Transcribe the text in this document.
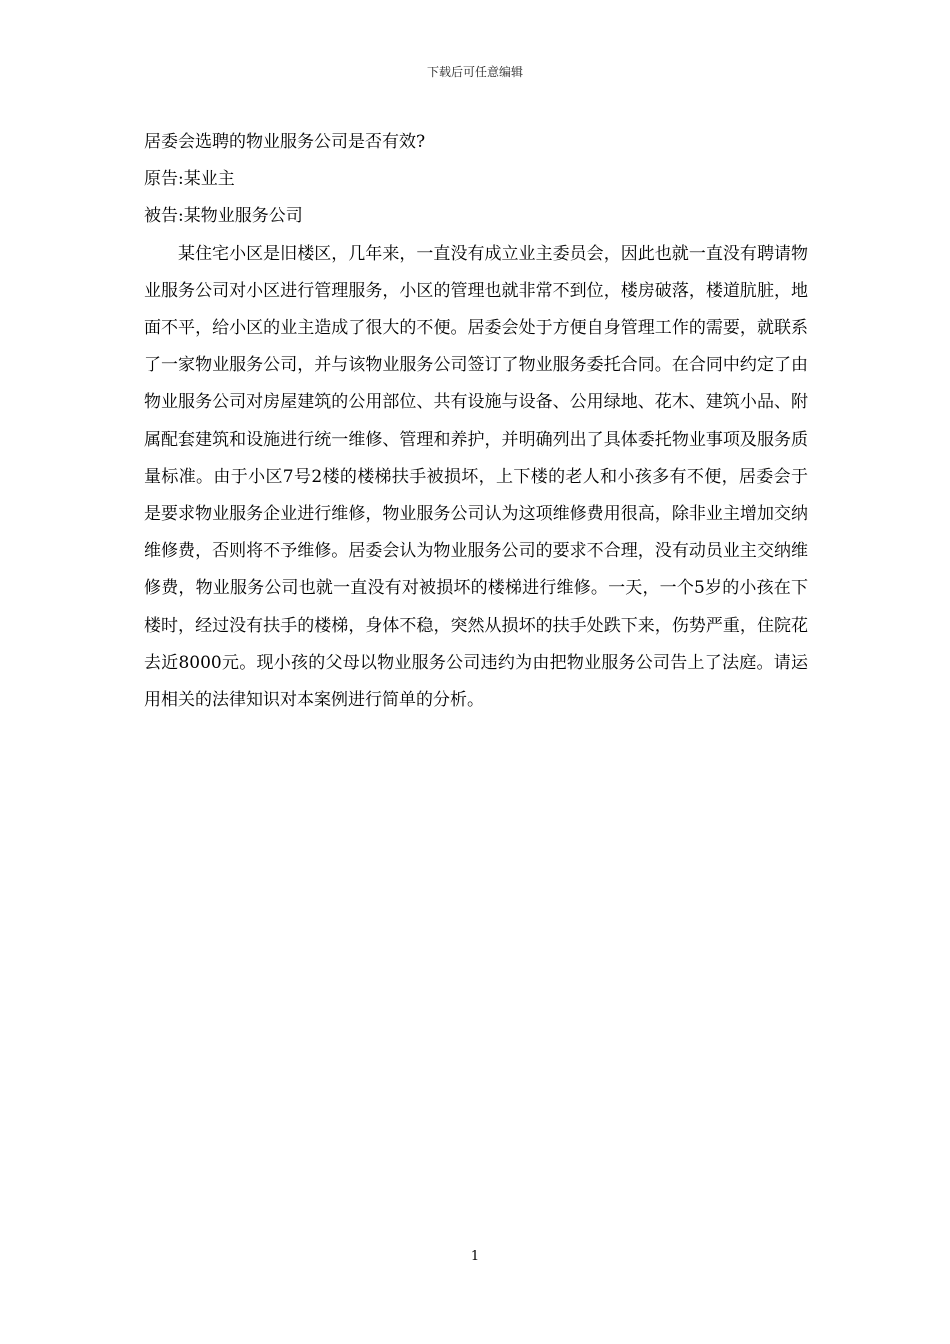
下载后可任意编辑

居委会选聘的物业服务公司是否有效?

原告:某业主

被告:某物业服务公司

某住宅小区是旧楼区，几年来，一直没有成立业主委员会，因此也就一直没有聘请物业服务公司对小区进行管理服务，小区的管理也就非常不到位，楼房破落，楼道肮脏，地面不平，给小区的业主造成了很大的不便。居委会处于方便自身管理工作的需要，就联系了一家物业服务公司，并与该物业服务公司签订了物业服务委托合同。在合同中约定了由物业服务公司对房屋建筑的公用部位、共有设施与设备、公用绿地、花木、建筑小品、附属配套建筑和设施进行统一维修、管理和养护，并明确列出了具体委托物业事项及服务质量标准。由于小区7号2楼的楼梯扶手被损坏，上下楼的老人和小孩多有不便，居委会于是要求物业服务企业进行维修，物业服务公司认为这项维修费用很高，除非业主增加交纳维修费，否则将不予维修。居委会认为物业服务公司的要求不合理，没有动员业主交纳维修费，物业服务公司也就一直没有对被损坏的楼梯进行维修。一天，一个5岁的小孩在下楼时，经过没有扶手的楼梯，身体不稳，突然从损坏的扶手处跌下来，伤势严重，住院花去近8000元。现小孩的父母以物业服务公司违约为由把物业服务公司告上了法庭。请运用相关的法律知识对本案例进行简单的分析。

1
